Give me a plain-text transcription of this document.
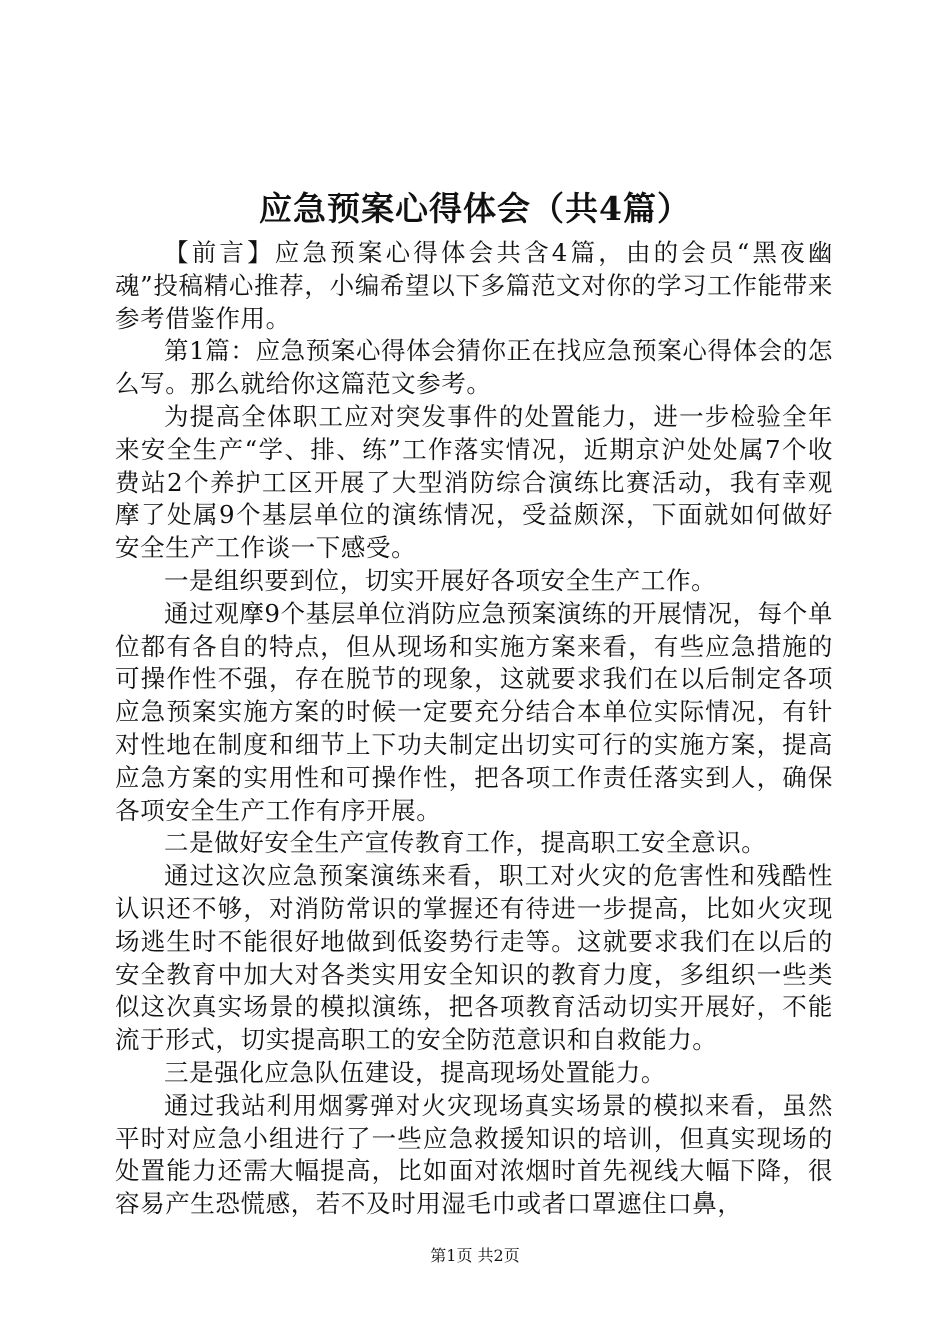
应急预案心得体会（共4篇）

【前言】应急预案心得体会共含4篇，由的会员“黑夜幽魂”投稿精心推荐，小编希望以下多篇范文对你的学习工作能带来参考借鉴作用。

第1篇：应急预案心得体会猜你正在找应急预案心得体会的怎么写。那么就给你这篇范文参考。

为提高全体职工应对突发事件的处置能力，进一步检验全年来安全生产“学、排、练”工作落实情况，近期京沪处处属7个收费站2个养护工区开展了大型消防综合演练比赛活动，我有幸观摩了处属9个基层单位的演练情况，受益颇深，下面就如何做好安全生产工作谈一下感受。

一是组织要到位，切实开展好各项安全生产工作。

通过观摩9个基层单位消防应急预案演练的开展情况，每个单位都有各自的特点，但从现场和实施方案来看，有些应急措施的可操作性不强，存在脱节的现象，这就要求我们在以后制定各项应急预案实施方案的时候一定要充分结合本单位实际情况，有针对性地在制度和细节上下功夫制定出切实可行的实施方案，提高应急方案的实用性和可操作性，把各项工作责任落实到人，确保各项安全生产工作有序开展。

二是做好安全生产宣传教育工作，提高职工安全意识。

通过这次应急预案演练来看，职工对火灾的危害性和残酷性认识还不够，对消防常识的掌握还有待进一步提高，比如火灾现场逃生时不能很好地做到低姿势行走等。这就要求我们在以后的安全教育中加大对各类实用安全知识的教育力度，多组织一些类似这次真实场景的模拟演练，把各项教育活动切实开展好，不能流于形式，切实提高职工的安全防范意识和自救能力。

三是强化应急队伍建设，提高现场处置能力。

通过我站利用烟雾弹对火灾现场真实场景的模拟来看，虽然平时对应急小组进行了一些应急救援知识的培训，但真实现场的处置能力还需大幅提高，比如面对浓烟时首先视线大幅下降，很容易产生恐慌感，若不及时用湿毛巾或者口罩遮住口鼻，

第1页 共2页
